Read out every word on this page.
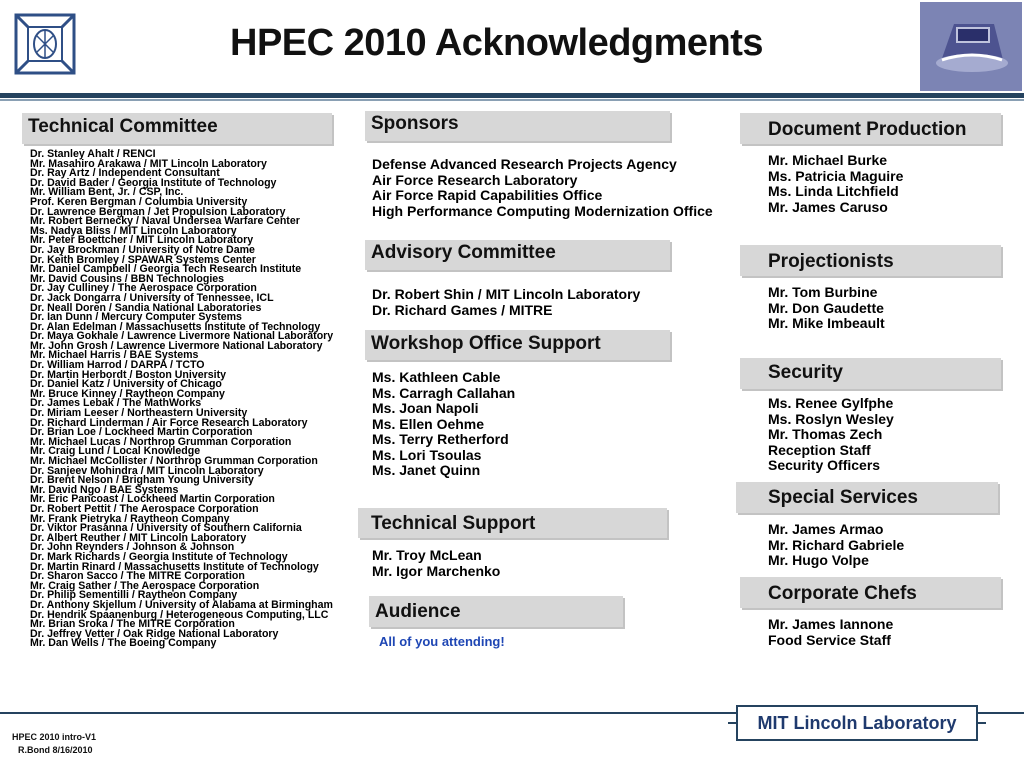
HPEC 2010 Acknowledgments
Technical Committee
Dr. Stanley Ahalt / RENCI
Mr. Masahiro Arakawa / MIT Lincoln Laboratory
Dr. Ray Artz / Independent Consultant
Dr. David Bader / Georgia Institute of Technology
Mr. William Bent, Jr. / CSP, Inc.
Prof. Keren Bergman / Columbia University
Dr. Lawrence Bergman / Jet Propulsion Laboratory
Mr. Robert Bernecky / Naval Undersea Warfare Center
Ms. Nadya Bliss / MIT Lincoln Laboratory
Mr. Peter Boettcher / MIT Lincoln Laboratory
Dr. Jay Brockman / University of Notre Dame
Dr. Keith Bromley / SPAWAR Systems Center
Mr. Daniel Campbell / Georgia Tech Research Institute
Mr. David Cousins / BBN Technologies
Dr. Jay Culliney / The Aerospace Corporation
Dr. Jack Dongarra / University of Tennessee, ICL
Dr. Neall Doren / Sandia National Laboratories
Dr. Ian Dunn / Mercury Computer Systems
Dr. Alan Edelman / Massachusetts Institute of Technology
Dr. Maya Gokhale / Lawrence Livermore National Laboratory
Mr. John Grosh / Lawrence Livermore National Laboratory
Mr. Michael Harris / BAE Systems
Dr. William Harrod / DARPA / TCTO
Dr. Martin Herbordt / Boston University
Dr. Daniel Katz / University of Chicago
Mr. Bruce Kinney / Raytheon Company
Dr. James Lebak / The MathWorks
Dr. Miriam Leeser / Northeastern University
Dr. Richard Linderman / Air Force Research Laboratory
Dr. Brian Loe / Lockheed Martin Corporation
Mr. Michael Lucas / Northrop Grumman Corporation
Mr. Craig Lund / Local Knowledge
Mr. Michael McCollister / Northrop Grumman Corporation
Dr. Sanjeev Mohindra / MIT Lincoln Laboratory
Dr. Brent Nelson / Brigham Young University
Mr. David Ngo / BAE Systems
Mr. Eric Pancoast / Lockheed Martin Corporation
Dr. Robert Pettit / The Aerospace Corporation
Mr. Frank Pietryka / Raytheon Company
Dr. Viktor Prasanna / University of Southern California
Dr. Albert Reuther / MIT Lincoln Laboratory
Dr. John Reynders / Johnson & Johnson
Dr. Mark Richards / Georgia Institute of Technology
Dr. Martin Rinard / Massachusetts Institute of Technology
Dr. Sharon Sacco / The MITRE Corporation
Mr. Craig Sather / The Aerospace Corporation
Dr. Philip Sementilli / Raytheon Company
Dr. Anthony Skjellum / University of Alabama at Birmingham
Dr. Hendrik Spaanenburg / Heterogeneous Computing, LLC
Mr. Brian Sroka / The MITRE Corporation
Dr. Jeffrey Vetter / Oak Ridge National Laboratory
Mr. Dan Wells / The Boeing Company
Sponsors
Defense Advanced Research Projects Agency
Air Force Research Laboratory
Air Force Rapid Capabilities Office
High Performance Computing Modernization Office
Advisory Committee
Dr. Robert Shin / MIT Lincoln Laboratory
Dr. Richard Games / MITRE
Workshop Office Support
Ms. Kathleen Cable
Ms. Carragh Callahan
Ms. Joan Napoli
Ms. Ellen Oehme
Ms. Terry Retherford
Ms. Lori Tsoulas
Ms. Janet Quinn
Technical Support
Mr. Troy McLean
Mr. Igor Marchenko
Audience
All of you attending!
Document Production
Mr. Michael Burke
Ms. Patricia Maguire
Ms. Linda Litchfield
Mr. James Caruso
Projectionists
Mr. Tom Burbine
Mr. Don Gaudette
Mr. Mike Imbeault
Security
Ms. Renee Gylfphe
Ms. Roslyn Wesley
Mr. Thomas Zech
Reception Staff
Security Officers
Special Services
Mr. James Armao
Mr. Richard Gabriele
Mr. Hugo Volpe
Corporate Chefs
Mr. James Iannone
Food Service Staff
HPEC 2010 intro-V1
R.Bond 8/16/2010
MIT Lincoln Laboratory
